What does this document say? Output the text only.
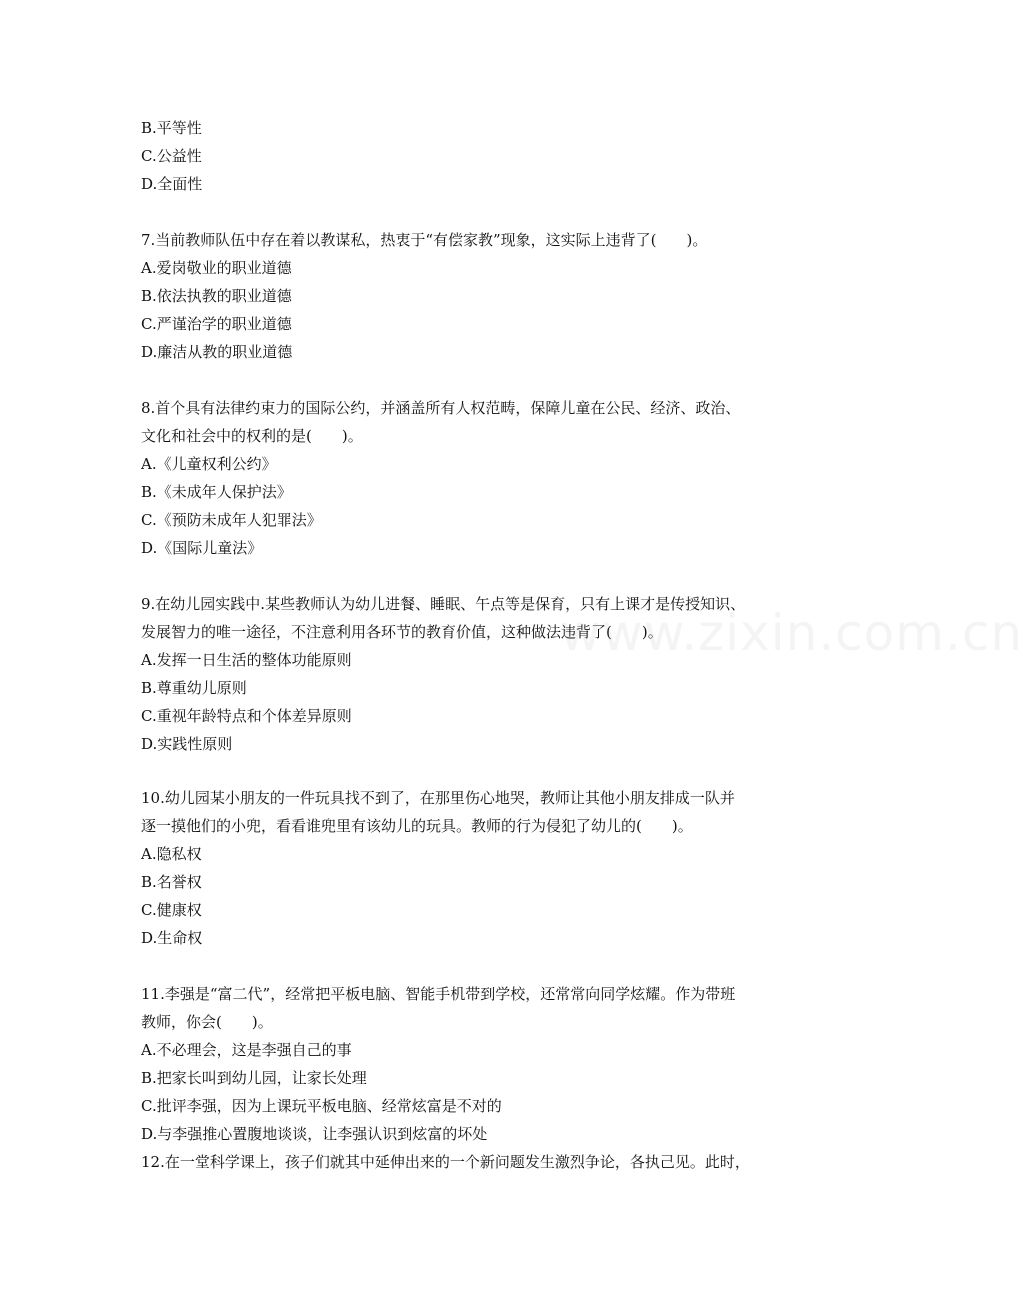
B.平等性
C.公益性
D.全面性
7.当前教师队伍中存在着以教谋私，热衷于“有偿家教”现象，这实际上违背了(　　)。
A.爱岗敬业的职业道德
B.依法执教的职业道德
C.严谨治学的职业道德
D.廉洁从教的职业道德
8.首个具有法律约束力的国际公约，并涵盖所有人权范畴，保障儿童在公民、经济、政治、
文化和社会中的权利的是(　　)。
A.《儿童权利公约》
B.《未成年人保护法》
C.《预防未成年人犯罪法》
D.《国际儿童法》
9.在幼儿园实践中.某些教师认为幼儿进餐、睡眠、午点等是保育，只有上课才是传授知识、
发展智力的唯一途径，不注意利用各环节的教育价值，这种做法违背了(　　)。
A.发挥一日生活的整体功能原则
B.尊重幼儿原则
C.重视年龄特点和个体差异原则
D.实践性原则
10.幼儿园某小朋友的一件玩具找不到了，在那里伤心地哭，教师让其他小朋友排成一队并
逐一摸他们的小兜，看看谁兜里有该幼儿的玩具。教师的行为侵犯了幼儿的(　　)。
A.隐私权
B.名誉权
C.健康权
D.生命权
11.李强是“富二代”，经常把平板电脑、智能手机带到学校，还常常向同学炫耀。作为带班
教师，你会(　　)。
A.不必理会，这是李强自己的事
B.把家长叫到幼儿园，让家长处理
C.批评李强，因为上课玩平板电脑、经常炫富是不对的
D.与李强推心置腹地谈谈，让李强认识到炫富的坏处
12.在一堂科学课上，孩子们就其中延伸出来的一个新问题发生激烈争论，各执己见。此时，
www.zixin.com.cn
